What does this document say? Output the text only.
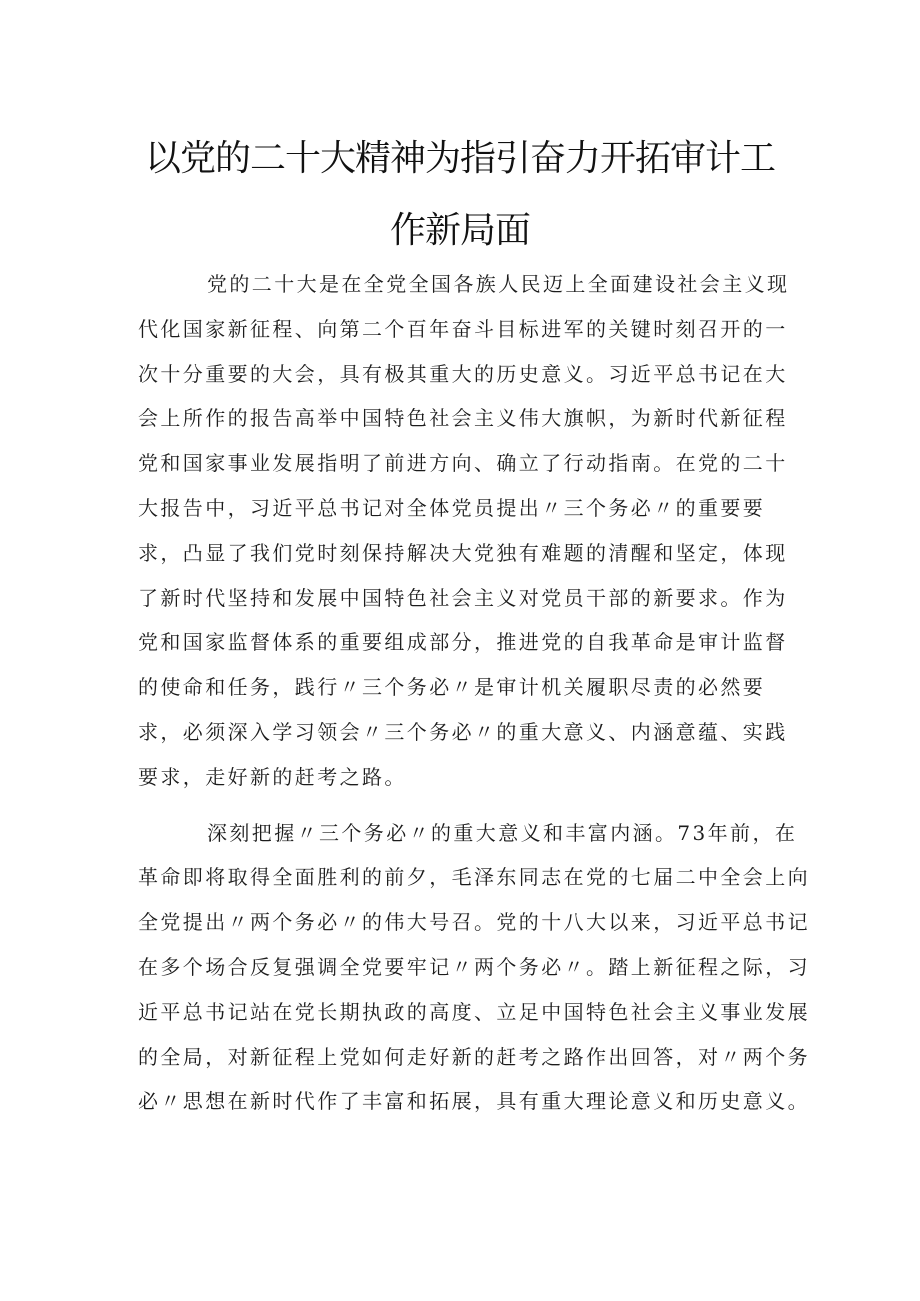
以党的二十大精神为指引奋力开拓审计工
作新局面
党的二十大是在全党全国各族人民迈上全面建设社会主义现
代化国家新征程、向第二个百年奋斗目标进军的关键时刻召开的一
次十分重要的大会，具有极其重大的历史意义。习近平总书记在大
会上所作的报告高举中国特色社会主义伟大旗帜，为新时代新征程
党和国家事业发展指明了前进方向、确立了行动指南。在党的二十
大报告中，习近平总书记对全体党员提出〃三个务必〃的重要要
求，凸显了我们党时刻保持解决大党独有难题的清醒和坚定，体现
了新时代坚持和发展中国特色社会主义对党员干部的新要求。作为
党和国家监督体系的重要组成部分，推进党的自我革命是审计监督
的使命和任务，践行〃三个务必〃是审计机关履职尽责的必然要
求，必须深入学习领会〃三个务必〃的重大意义、内涵意蕴、实践
要求，走好新的赶考之路。
深刻把握〃三个务必〃的重大意义和丰富内涵。73年前，在
革命即将取得全面胜利的前夕，毛泽东同志在党的七届二中全会上向
全党提出〃两个务必〃的伟大号召。党的十八大以来，习近平总书记
在多个场合反复强调全党要牢记〃两个务必〃。踏上新征程之际，习
近平总书记站在党长期执政的高度、立足中国特色社会主义事业发展
的全局，对新征程上党如何走好新的赶考之路作出回答，对〃两个务
必〃思想在新时代作了丰富和拓展，具有重大理论意义和历史意义。
